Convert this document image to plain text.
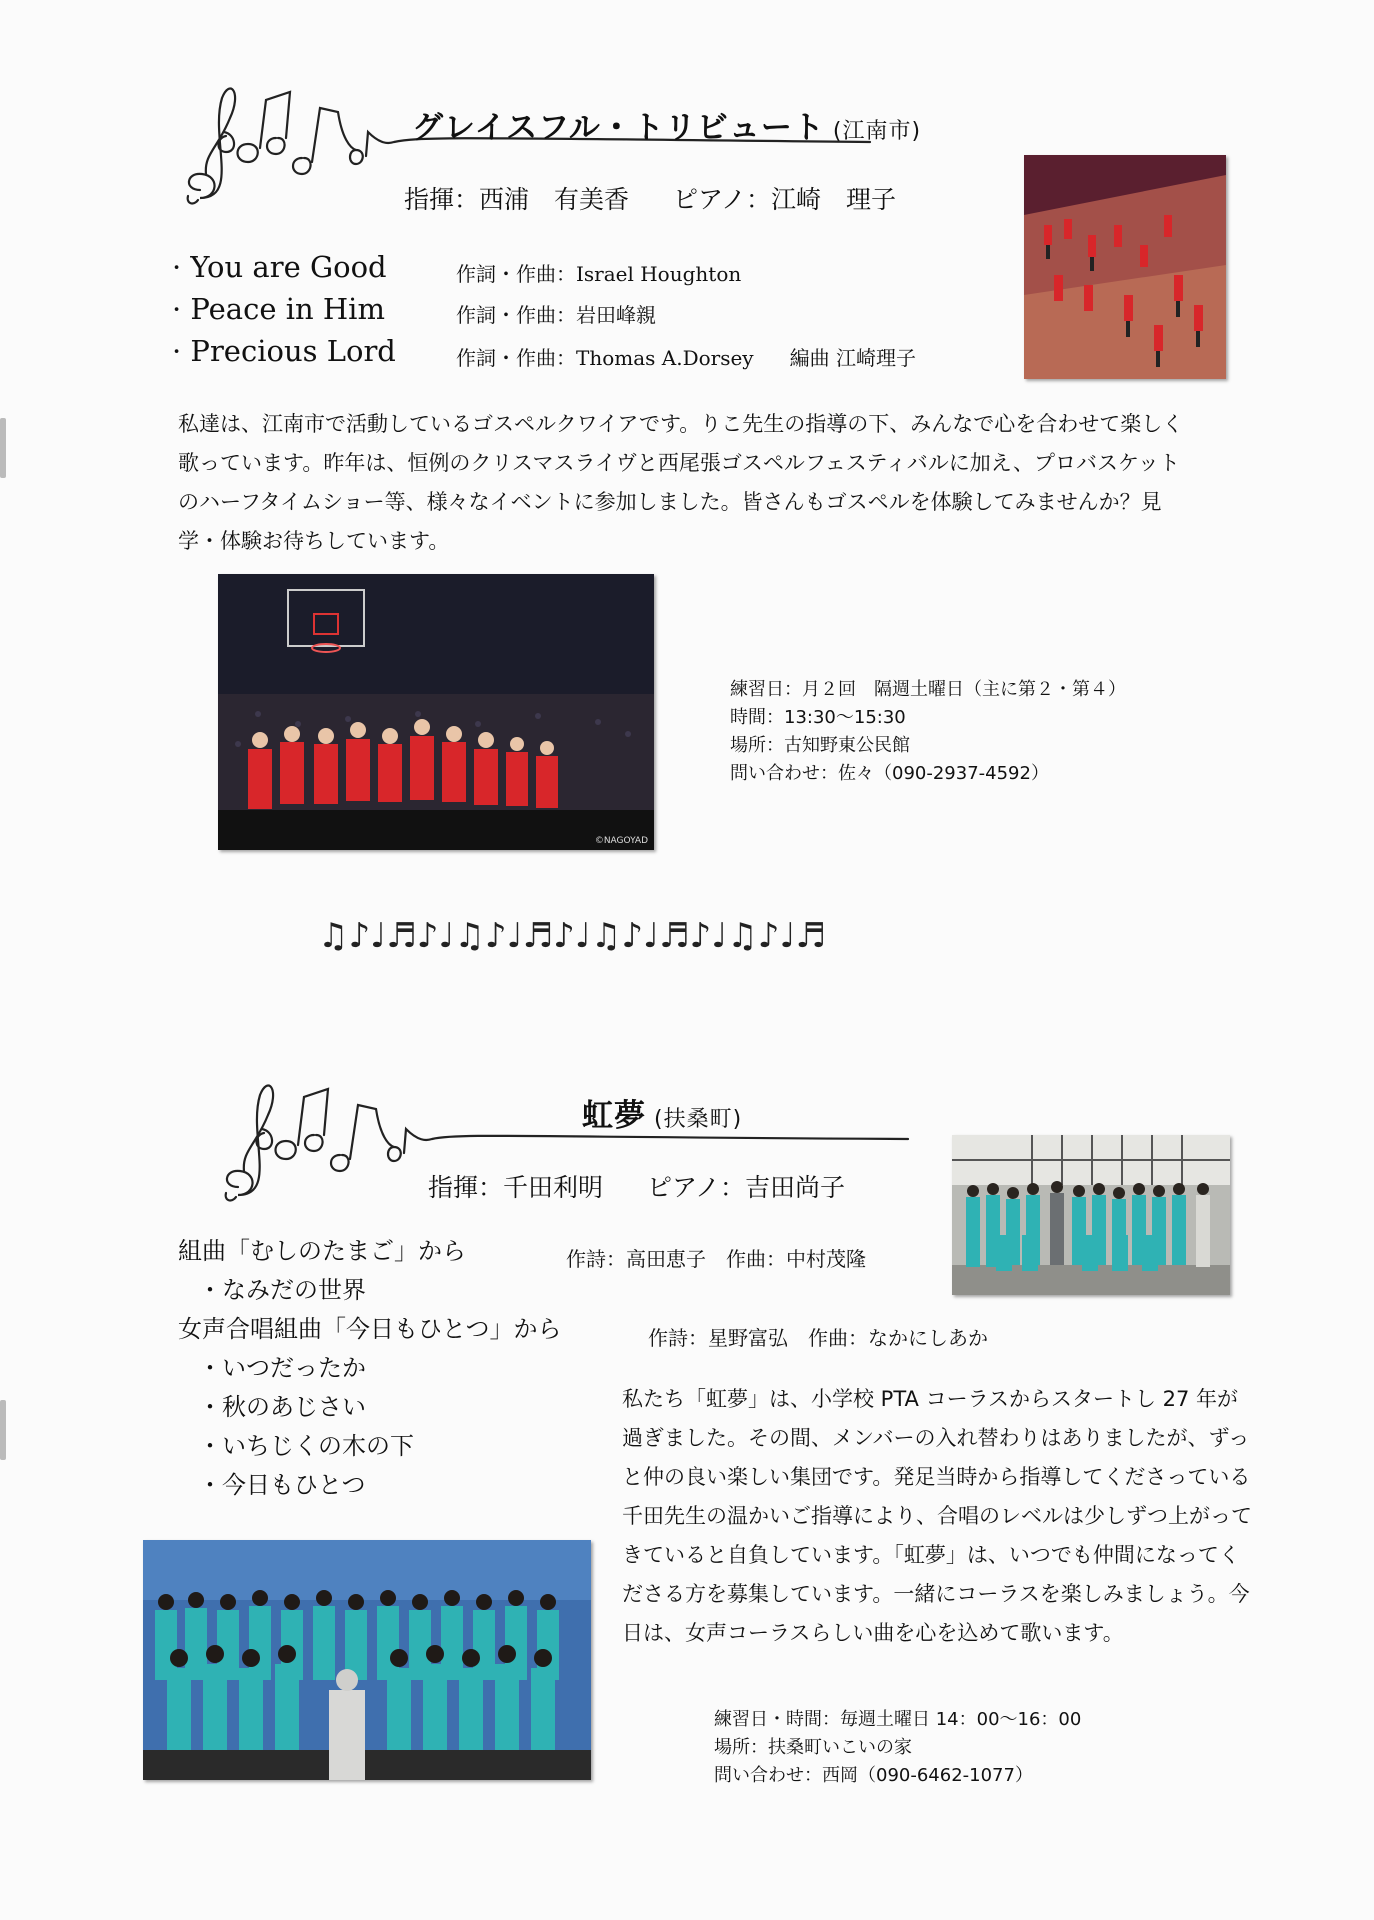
グレイスフル・トリビュート (江南市)
指揮：西浦　有美香 ピアノ：江崎　理子
· You are Good
· Peace in Him
· Precious Lord
作詞・作曲：Israel Houghton
作詞・作曲：岩田峰親
作詞・作曲：Thomas A.Dorsey 編曲 江崎理子
私達は、江南市で活動しているゴスペルクワイアです。りこ先生の指導の下、みんなで心を合わせて楽しく歌っています。昨年は、恒例のクリスマスライヴと西尾張ゴスペルフェスティバルに加え、プロバスケットのハーフタイムショー等、様々なイベントに参加しました。皆さんもゴスペルを体験してみませんか？見学・体験お待ちしています。
©NAGOYAD
練習日：月２回　隔週土曜日（主に第２・第４）
時間：13:30〜15:30
場所：古知野東公民館
問い合わせ：佐々（090-2937-4592）
♫♪♩♬♪♩♫♪♩♬♪♩♫♪♩♬♪♩♫♪♩♬
虹夢 (扶桑町)
指揮：千田利明 ピアノ：吉田尚子
組曲「むしのたまご」から
・なみだの世界
女声合唱組曲「今日もひとつ」から
・いつだったか
・秋のあじさい
・いちじくの木の下
・今日もひとつ
作詩：高田恵子　作曲：中村茂隆
作詩：星野富弘　作曲：なかにしあか
私たち「虹夢」は、小学校 PTA コーラスからスタートし 27 年が過ぎました。その間、メンバーの入れ替わりはありましたが、ずっと仲の良い楽しい集団です。発足当時から指導してくださっている千田先生の温かいご指導により、合唱のレベルは少しずつ上がってきていると自負しています。「虹夢」は、いつでも仲間になってくださる方を募集しています。一緒にコーラスを楽しみましょう。今日は、女声コーラスらしい曲を心を込めて歌います。
練習日・時間：毎週土曜日 14：00〜16：00
場所：扶桑町いこいの家
問い合わせ：西岡（090-6462-1077）
